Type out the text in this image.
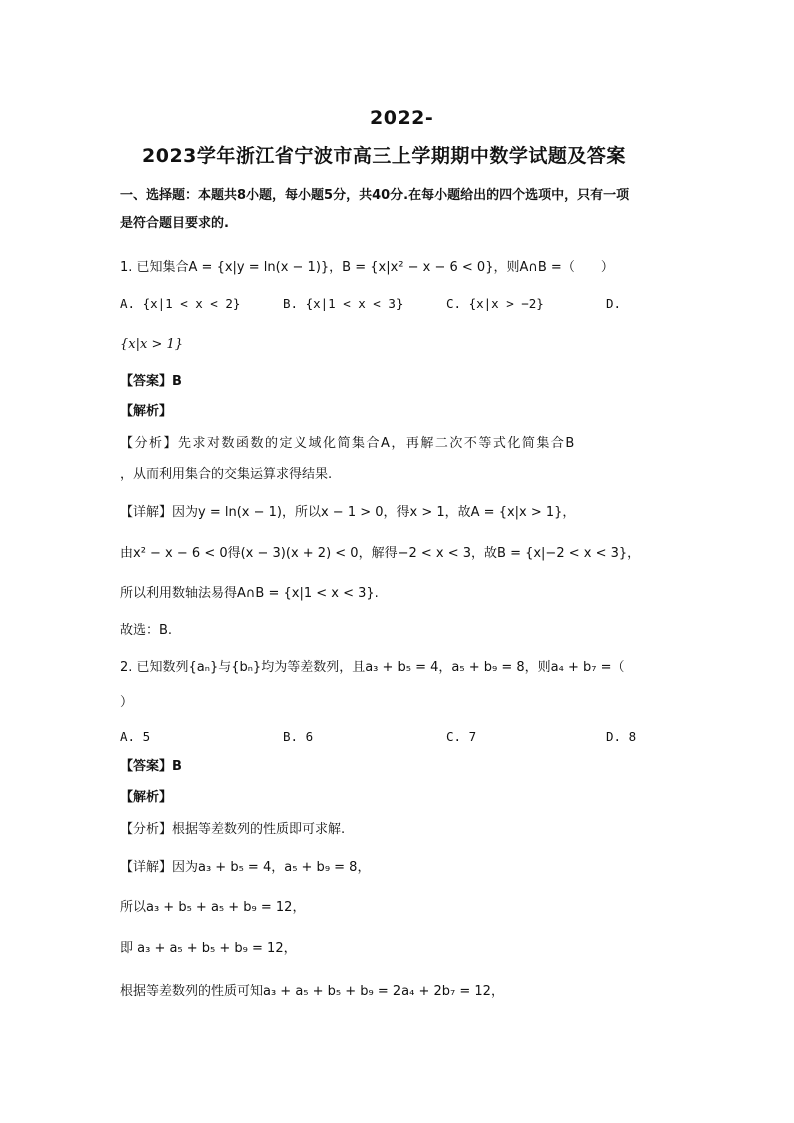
2022-
2023学年浙江省宁波市高三上学期期中数学试题及答案
一、选择题：本题共8小题，每小题5分，共40分.在每小题给出的四个选项中，只有一项
是符合题目要求的.
1. 已知集合A = {x|y = ln(x − 1)}，B = {x|x² − x − 6 < 0}，则A∩B =（　　）
A. {x|1 < x < 2}	B. {x|1 < x < 3}	C. {x|x > −2}	D.
{x|x > 1}
【答案】B
【解析】
【分析】先求对数函数的定义域化简集合A，再解二次不等式化简集合B
，从而利用集合的交集运算求得结果.
【详解】因为y = ln(x − 1)，所以x − 1 > 0，得x > 1，故A = {x|x > 1}，
由x² − x − 6 < 0得(x − 3)(x + 2) < 0，解得−2 < x < 3，故B = {x|−2 < x < 3}，
所以利用数轴法易得A∩B = {x|1 < x < 3}.
故选：B.
2. 已知数列{aₙ}与{bₙ}均为等差数列，且a₃ + b₅ = 4，a₅ + b₉ = 8，则a₄ + b₇ =（
）
A. 5	B. 6	C. 7	D. 8
【答案】B
【解析】
【分析】根据等差数列的性质即可求解.
【详解】因为a₃ + b₅ = 4，a₅ + b₉ = 8，
所以a₃ + b₅ + a₅ + b₉ = 12，
即 a₃ + a₅ + b₅ + b₉ = 12，
根据等差数列的性质可知a₃ + a₅ + b₅ + b₉ = 2a₄ + 2b₇ = 12，
